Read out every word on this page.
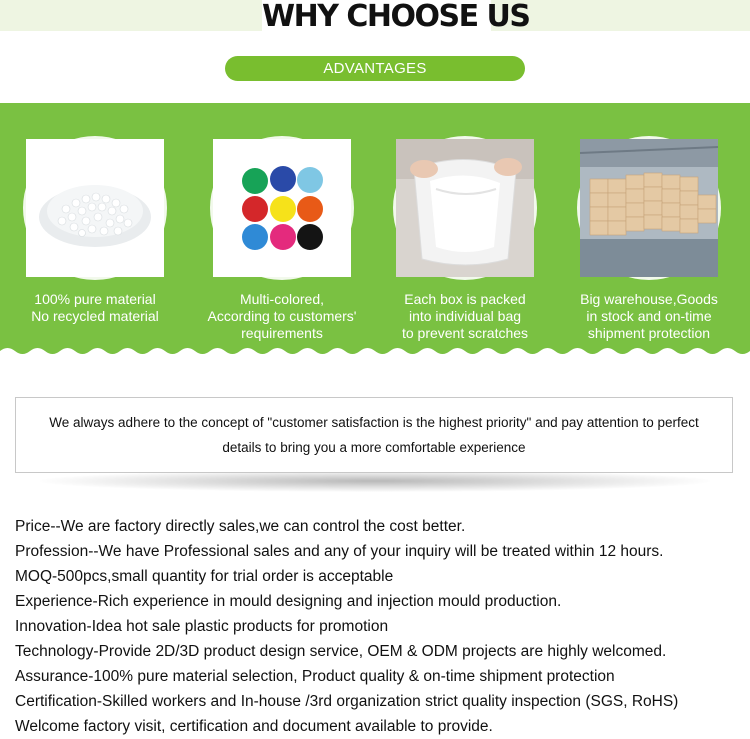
WHY CHOOSE US
ADVANTAGES
100% pure material
No recycled material
Multi-colored,
According to customers'
requirements
Each box is packed
into individual bag
to prevent scratches
Big warehouse,Goods
in stock and on-time
shipment protection
We always adhere to the concept of "customer satisfaction is the highest priority" and pay attention to perfect
details to bring you a more comfortable experience
Price--We are factory directly sales,we can control the cost better.
Profession--We have Professional sales and any of your inquiry will be treated within 12 hours.
MOQ-500pcs,small quantity for trial order is acceptable
Experience-Rich experience in mould designing and injection mould production.
Innovation-Idea hot sale plastic products for promotion
Technology-Provide 2D/3D product design service, OEM & ODM projects are highly welcomed.
Assurance-100% pure material selection, Product quality & on-time shipment protection
Certification-Skilled workers and In-house /3rd organization strict quality inspection (SGS, RoHS)
Welcome factory visit, certification and document available to provide.
